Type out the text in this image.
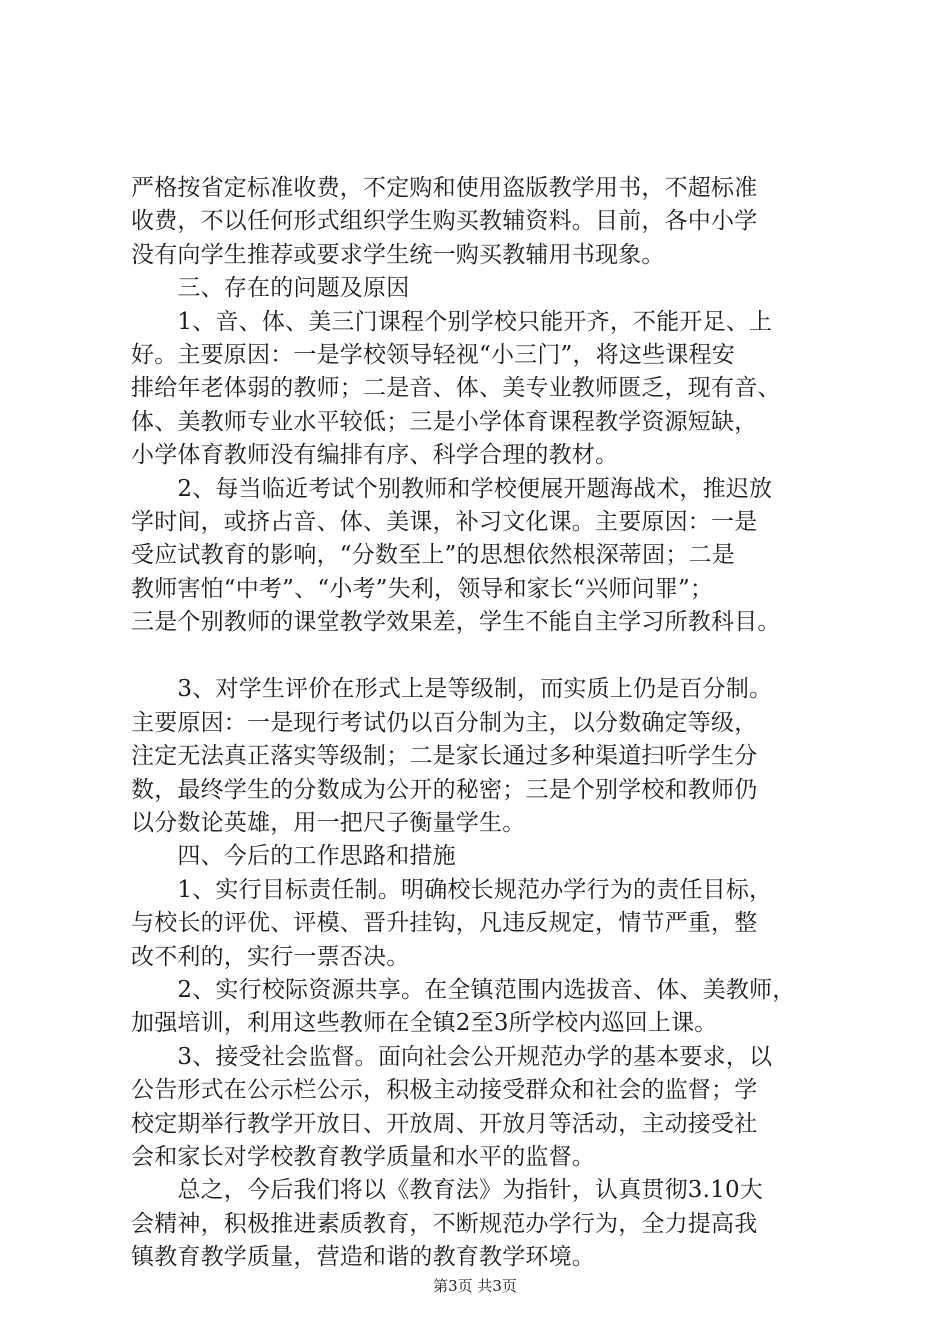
严格按省定标准收费，不定购和使用盗版教学用书，不超标准
收费，不以任何形式组织学生购买教辅资料。目前，各中小学
没有向学生推荐或要求学生统一购买教辅用书现象。
　　三、存在的问题及原因
　　1、音、体、美三门课程个别学校只能开齐，不能开足、上
好。主要原因：一是学校领导轻视“小三门”，将这些课程安
排给年老体弱的教师；二是音、体、美专业教师匮乏，现有音、
体、美教师专业水平较低；三是小学体育课程教学资源短缺，
小学体育教师没有编排有序、科学合理的教材。
　　2、每当临近考试个别教师和学校便展开题海战术，推迟放
学时间，或挤占音、体、美课，补习文化课。主要原因：一是
受应试教育的影响，“分数至上”的思想依然根深蒂固；二是
教师害怕“中考”、“小考”失利，领导和家长“兴师问罪”；
三是个别教师的课堂教学效果差，学生不能自主学习所教科目。
　　3、对学生评价在形式上是等级制，而实质上仍是百分制。
主要原因：一是现行考试仍以百分制为主，以分数确定等级，
注定无法真正落实等级制；二是家长通过多种渠道扫听学生分
数，最终学生的分数成为公开的秘密；三是个别学校和教师仍
以分数论英雄，用一把尺子衡量学生。
　　四、今后的工作思路和措施
　　1、实行目标责任制。明确校长规范办学行为的责任目标，
与校长的评优、评模、晋升挂钩，凡违反规定，情节严重，整
改不利的，实行一票否决。
　　2、实行校际资源共享。在全镇范围内选拔音、体、美教师，
加强培训，利用这些教师在全镇2至3所学校内巡回上课。
　　3、接受社会监督。面向社会公开规范办学的基本要求，以
公告形式在公示栏公示，积极主动接受群众和社会的监督；学
校定期举行教学开放日、开放周、开放月等活动，主动接受社
会和家长对学校教育教学质量和水平的监督。
　　总之，今后我们将以《教育法》为指针，认真贯彻3.10大
会精神，积极推进素质教育，不断规范办学行为，全力提高我
镇教育教学质量，营造和谐的教育教学环境。
第3页 共3页
